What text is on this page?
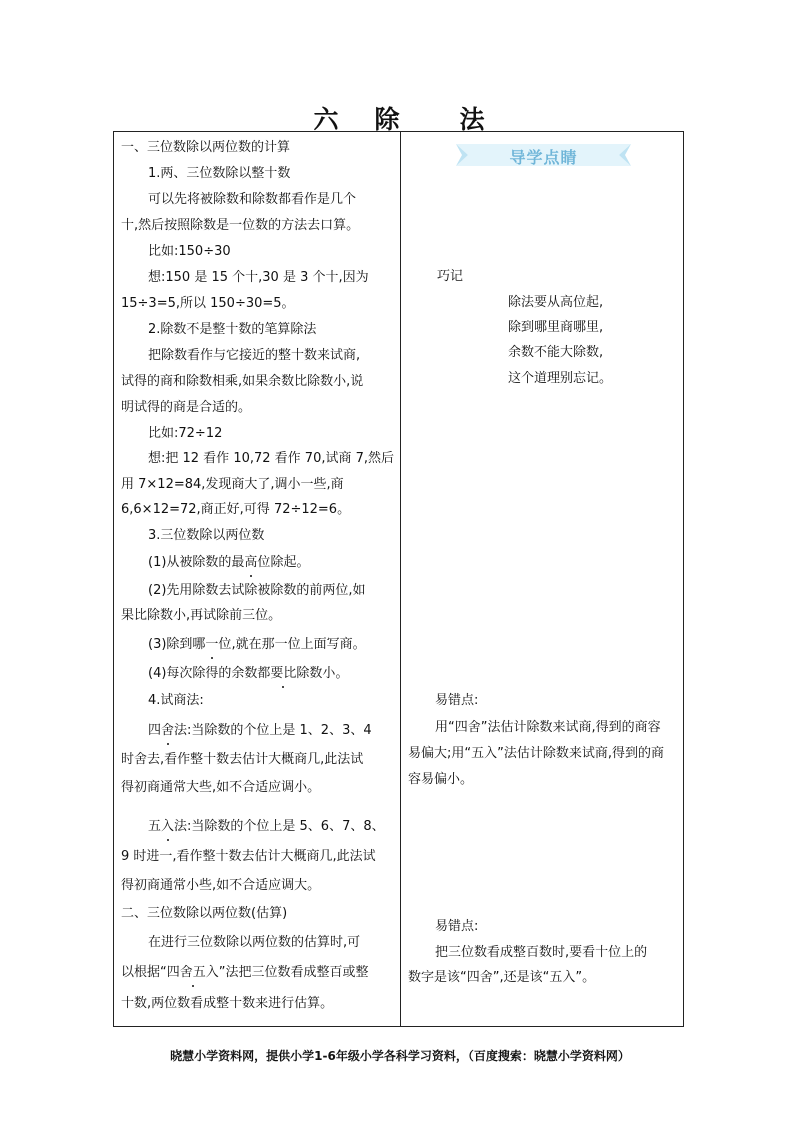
六 除 法
一、三位数除以两位数的计算
1.两、三位数除以整十数
可以先将被除数和除数都看作是几个
十,然后按照除数是一位数的方法去口算。
比如:150÷30
想:150 是 15 个十,30 是 3 个十,因为
15÷3=5,所以 150÷30=5。
2.除数不是整十数的笔算除法
把除数看作与它接近的整十数来试商,
试得的商和除数相乘,如果余数比除数小,说
明试得的商是合适的。
比如:72÷12
想:把 12 看作 10,72 看作 70,试商 7,然后
用 7×12=84,发现商大了,调小一些,商
6,6×12=72,商正好,可得 72÷12=6。
3.三位数除以两位数
(1)从被除数的最高位除起。
(2)先用除数去试除被除数的前两位,如
果比除数小,再试除前三位。
(3)除到哪一位,就在那一位上面写商。
(4)每次除得的余数都要比除数小。
4.试商法:
四舍法:当除数的个位上是 1、2、3、4
时舍去,看作整十数去估计大概商几,此法试
得初商通常大些,如不合适应调小。
五入法:当除数的个位上是 5、6、7、8、
9 时进一,看作整十数去估计大概商几,此法试
得初商通常小些,如不合适应调大。
二、三位数除以两位数(估算)
在进行三位数除以两位数的估算时,可
以根据“四舍五入”法把三位数看成整百或整
十数,两位数看成整十数来进行估算。
导学点睛
巧记
除法要从高位起,
除到哪里商哪里,
余数不能大除数,
这个道理别忘记。
易错点:
用“四舍”法估计除数来试商,得到的商容
易偏大;用“五入”法估计除数来试商,得到的商
容易偏小。
易错点:
把三位数看成整百数时,要看十位上的
数字是该“四舍”,还是该“五入”。
晓慧小学资料网，提供小学1-6年级小学各科学习资料，（百度搜索：晓慧小学资料网）
